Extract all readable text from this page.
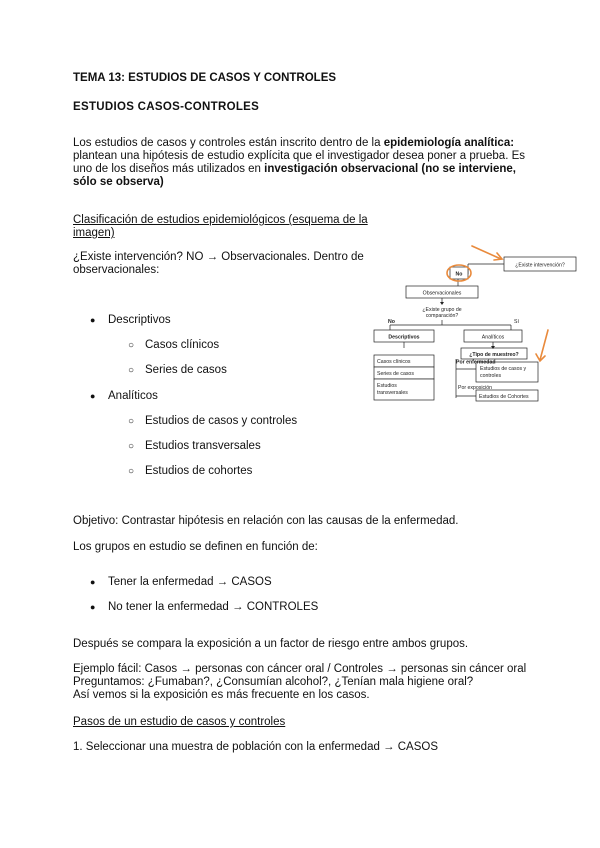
TEMA 13: ESTUDIOS DE CASOS Y CONTROLES
ESTUDIOS CASOS-CONTROLES
Los estudios de casos y controles están inscrito dentro de la epidemiología analítica: plantean una hipótesis de estudio explícita que el investigador desea poner a prueba. Es uno de los diseños más utilizados en investigación observacional (no se interviene, sólo se observa)
Clasificación de estudios epidemiológicos (esquema de la
imagen)
¿Existe intervención? NO → Observacionales. Dentro de
observacionales:
● Descriptivos
○ Casos clínicos
○ Series de casos
● Analíticos
○ Estudios de casos y controles
○ Estudios transversales
○ Estudios de cohortes
Objetivo: Contrastar hipótesis en relación con las causas de la enfermedad.
Los grupos en estudio se definen en función de:
● Tener la enfermedad → CASOS
● No tener la enfermedad → CONTROLES
Después se compara la exposición a un factor de riesgo entre ambos grupos.
Ejemplo fácil: Casos → personas con cáncer oral / Controles → personas sin cáncer oral
Preguntamos: ¿Fumaban?, ¿Consumían alcohol?, ¿Tenían mala higiene oral?
Así vemos si la exposición es más frecuente en los casos.
Pasos de un estudio de casos y controles
1. Seleccionar una muestra de población con la enfermedad → CASOS
¿Existe intervención?
No
Observacionales
¿Existe grupo de
comparación?
No	Sí
Descriptivos
Casos clínicos
Series de casos
Estudios
transversales
Analíticos
¿Tipo de muestreo?
Por enfermedad
Estudios de casos y
controles
Por exposición
Estudios de Cohortes
